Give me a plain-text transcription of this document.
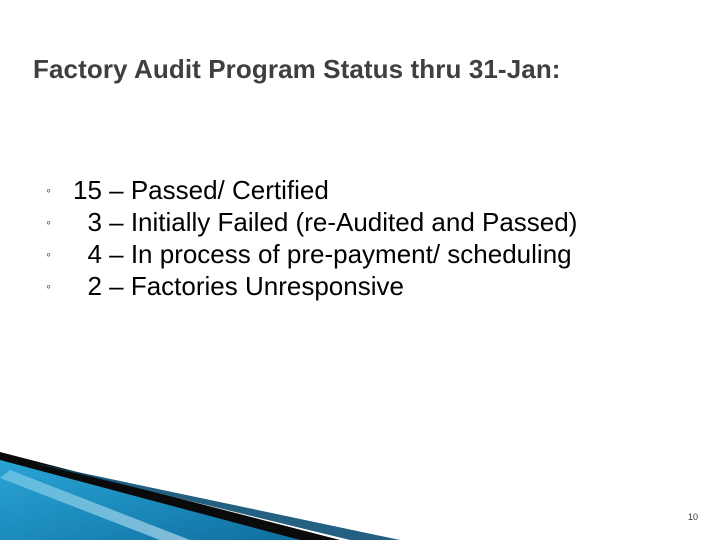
Factory Audit Program Status thru 31-Jan:
◦ 15 – Passed/ Certified
◦ 3 – Initially Failed (re-Audited and Passed)
◦ 4 – In process of pre-payment/ scheduling
◦ 2 – Factories Unresponsive
10
